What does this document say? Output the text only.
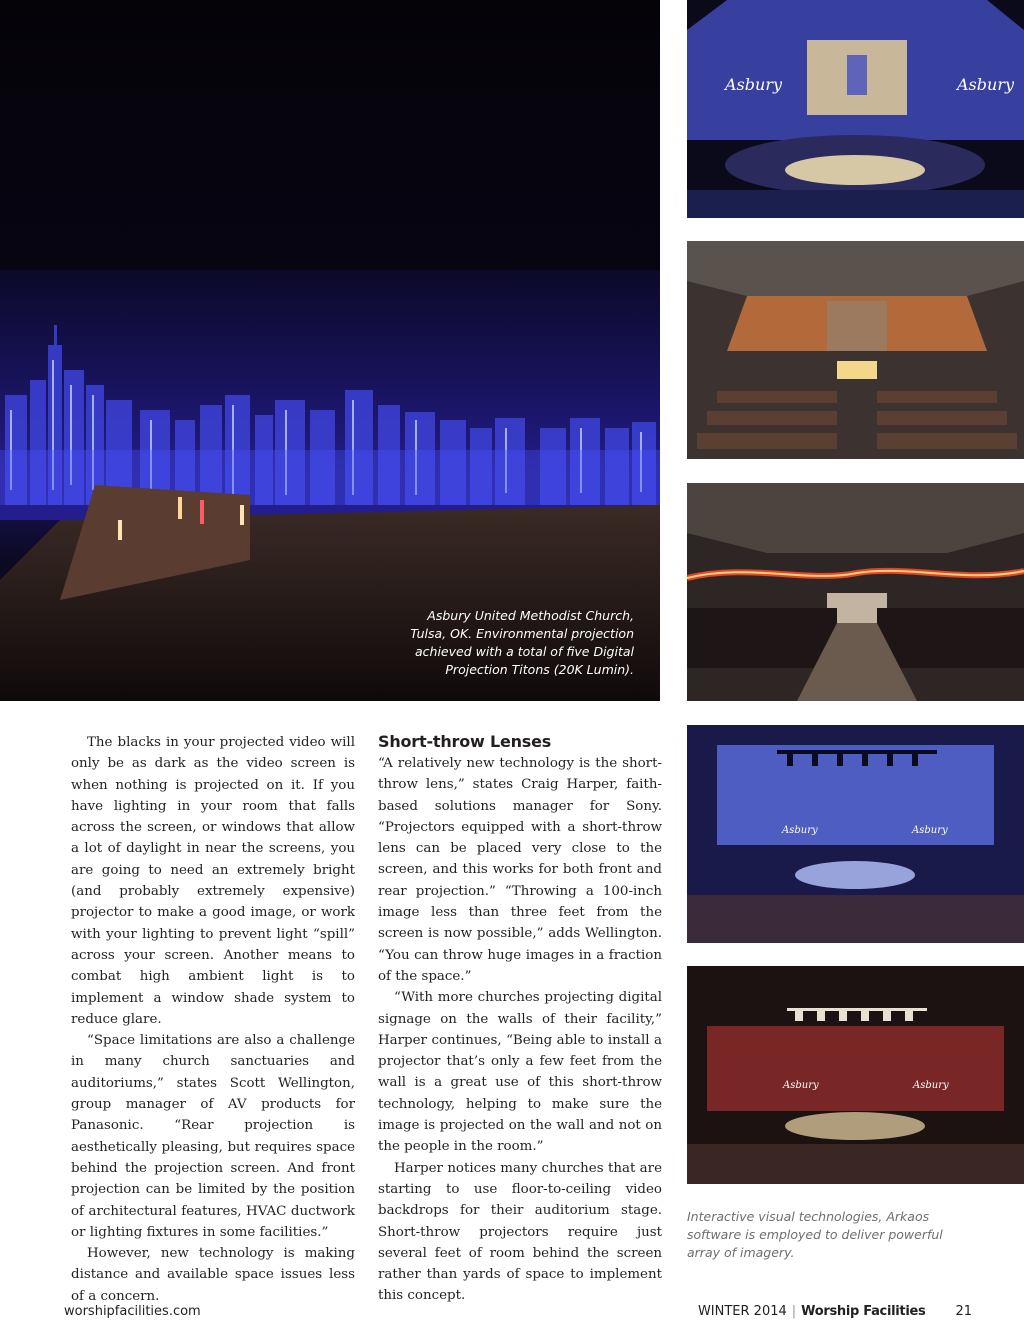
Asbury United Methodist Church, Tulsa, OK. Environmental projection achieved with a total of five Digital Projection Titons (20K Lumin).
Asbury	Asbury
Asbury	Asbury
Asbury	Asbury
Interactive visual technologies, Arkaos software is employed to deliver powerful array of imagery.

The blacks in your projected video will only be as dark as the video screen is when nothing is projected on it. If you have lighting in your room that falls across the screen, or windows that allow a lot of daylight in near the screens, you are going to need an extremely bright (and probably extremely expensive) projector to make a good image, or work with your lighting to prevent light “spill” across your screen. Another means to combat high ambient light is to implement a window shade system to reduce glare.

“Space limitations are also a challenge in many church sanctuaries and auditoriums,” states Scott Wellington, group manager of AV products for Panasonic. “Rear projection is aesthetically pleasing, but requires space behind the projection screen. And front projection can be limited by the position of architectural features, HVAC ductwork or lighting fixtures in some facilities.”

However, new technology is making distance and available space issues less of a concern.

Short-throw Lenses

“A relatively new technology is the short-throw lens,” states Craig Harper, faith-based solutions manager for Sony. “Projectors equipped with a short-throw lens can be placed very close to the screen, and this works for both front and rear projection.” “Throwing a 100-inch image less than three feet from the screen is now possible,” adds Wellington. “You can throw huge images in a fraction of the space.”

“With more churches projecting digital signage on the walls of their facility,” Harper continues, “Being able to install a projector that’s only a few feet from the wall is a great use of this short-throw technology, helping to make sure the image is projected on the wall and not on the people in the room.”

Harper notices many churches that are starting to use floor-to-ceiling video backdrops for their auditorium stage. Short-throw projectors require just several feet of room behind the screen rather than yards of space to implement this concept.

worshipfacilities.com	WINTER 2014 | Worship Facilities 21
